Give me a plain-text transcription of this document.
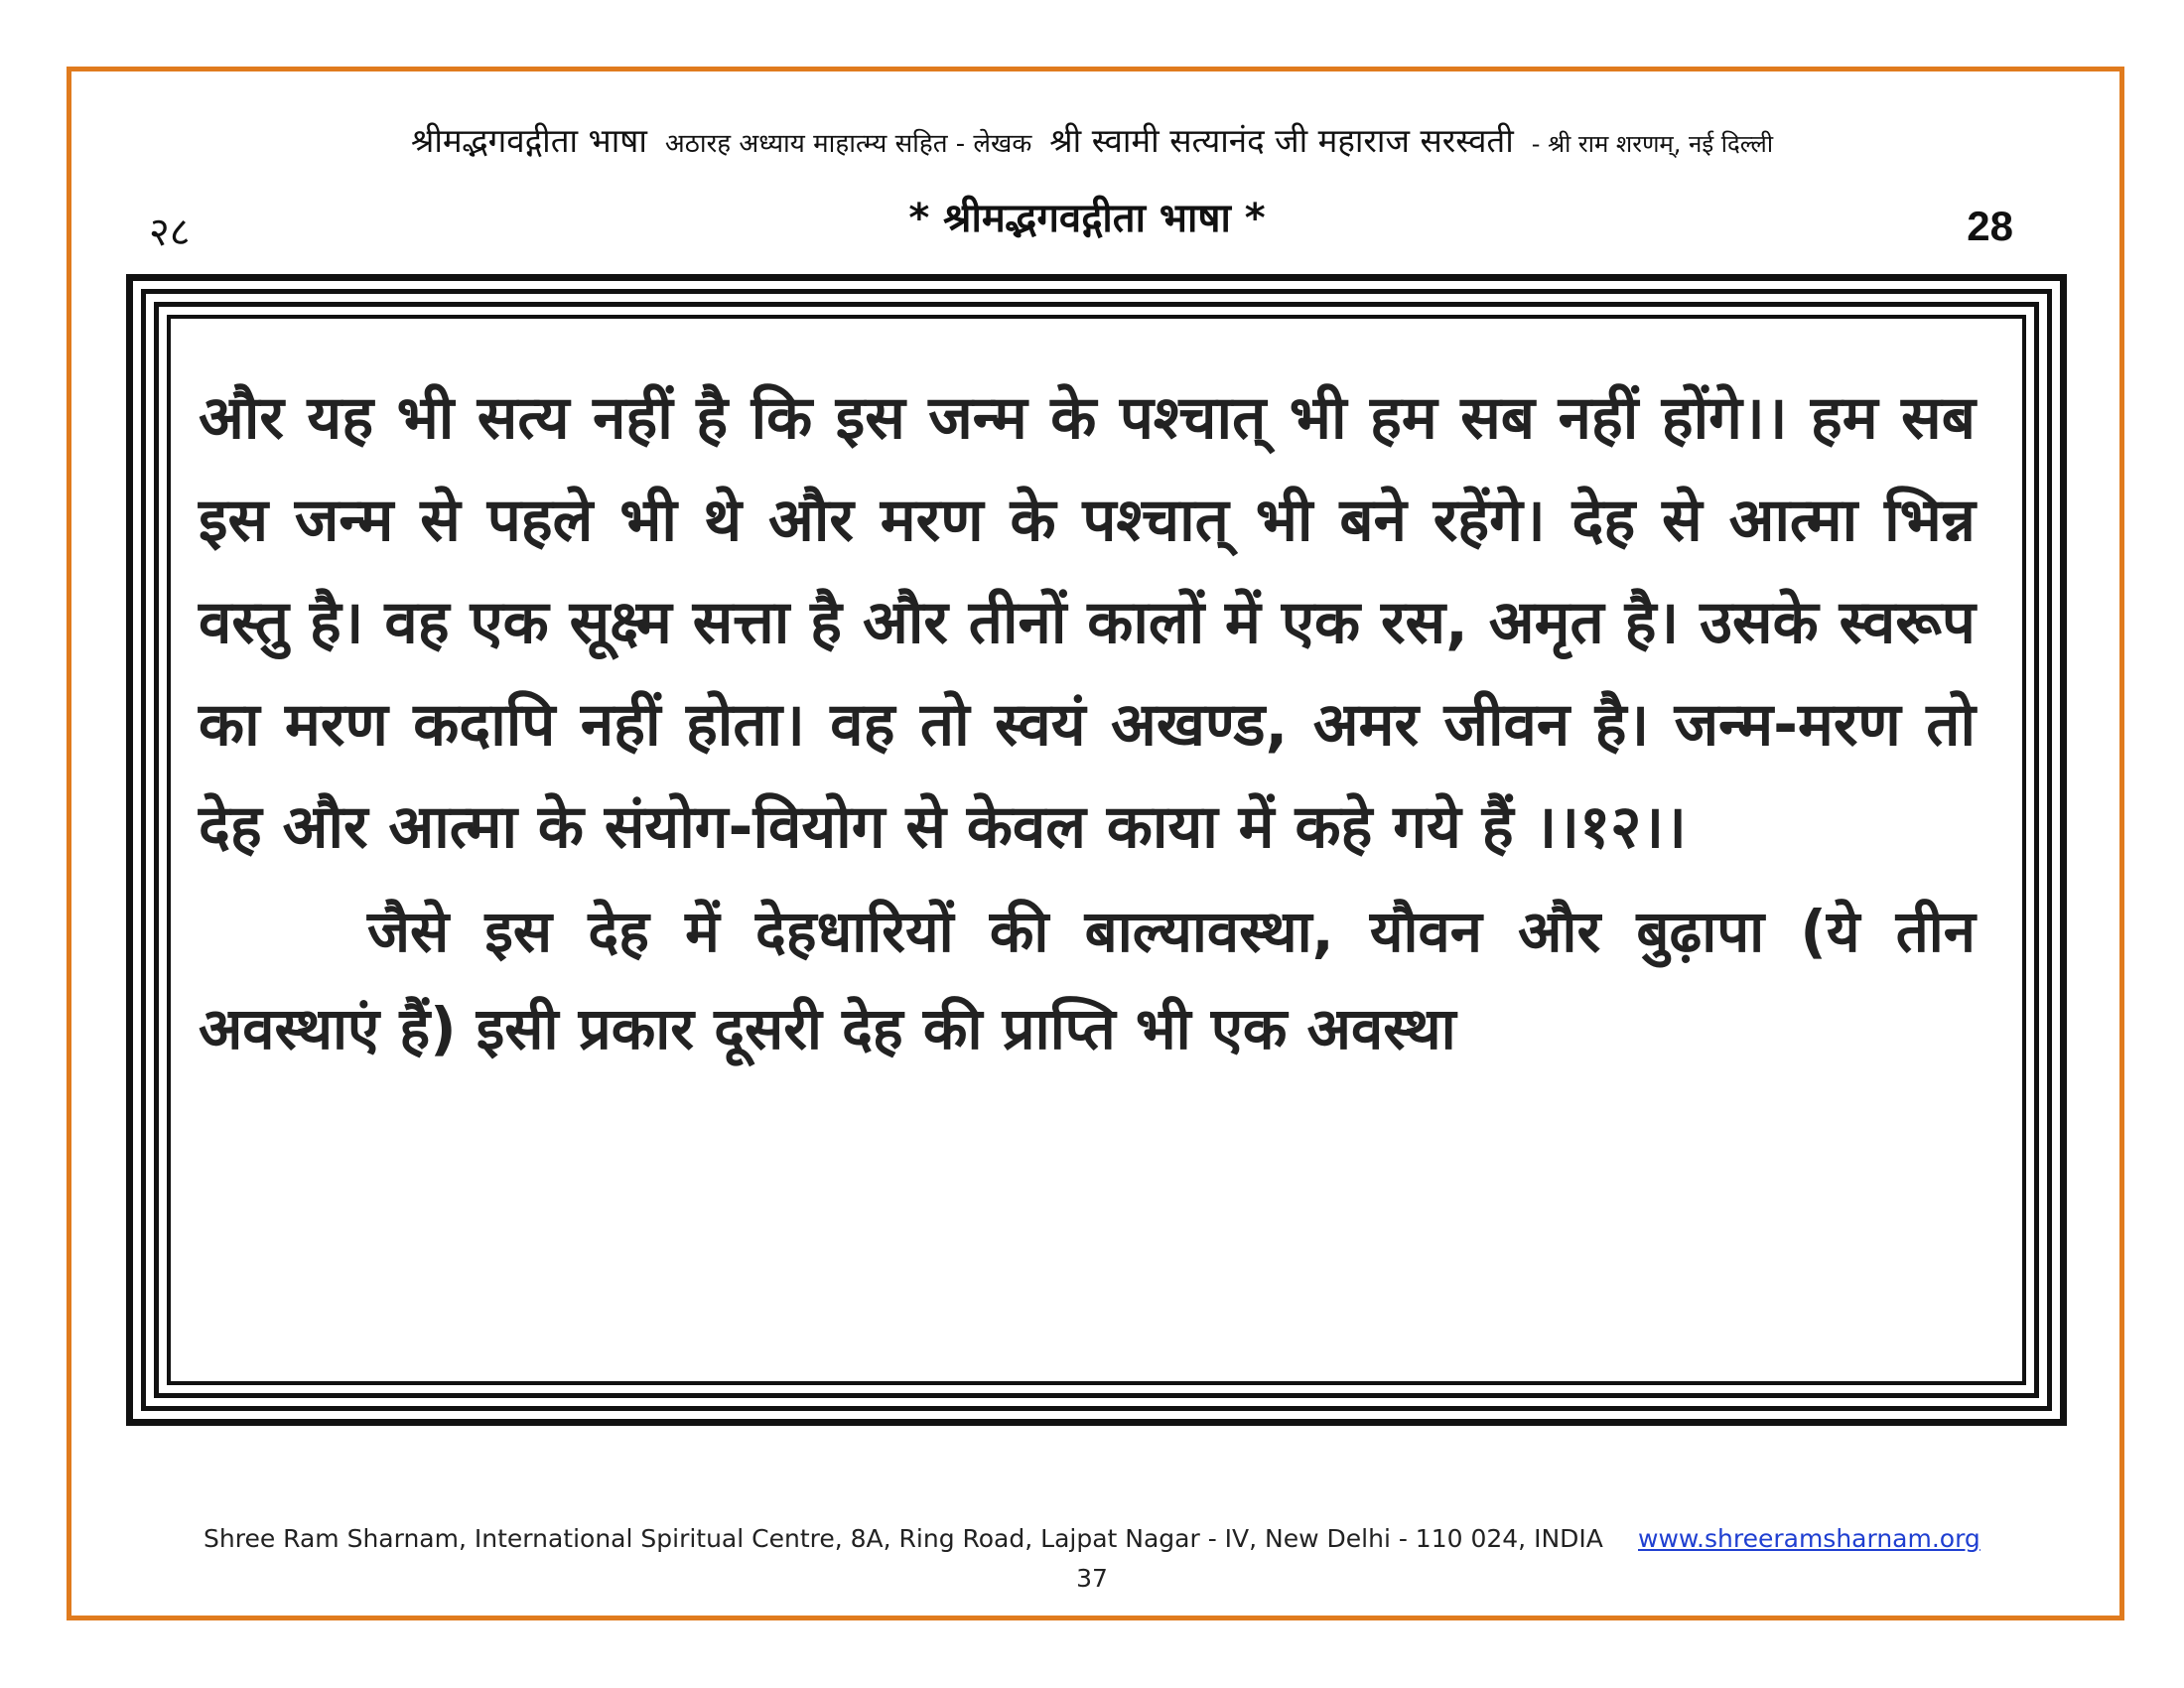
श्रीमद्भगवद्गीता भाषा अठारह अध्याय माहात्म्य सहित - लेखक श्री स्वामी सत्यानंद जी महाराज सरस्वती - श्री राम शरणम्, नई दिल्ली
२८	* श्रीमद्भगवद्गीता भाषा *	28
और यह भी सत्य नहीं है कि इस जन्म के पश्चात् भी हम सब नहीं होंगे।। हम सब इस जन्म से पहले भी थे और मरण के पश्चात् भी बने रहेंगे। देह से आत्मा भिन्न वस्तु है। वह एक सूक्ष्म सत्ता है और तीनों कालों में एक रस, अमृत है। उसके स्वरूप का मरण कदापि नहीं होता। वह तो स्वयं अखण्ड, अमर जीवन है। जन्म-मरण तो देह और आत्मा के संयोग-वियोग से केवल काया में कहे गये हैं ।।१२।।
जैसे इस देह में देहधारियों की बाल्यावस्था, यौवन और बुढ़ापा (ये तीन अवस्थाएं हैं) इसी प्रकार दूसरी देह की प्राप्ति भी एक अवस्था
Shree Ram Sharnam, International Spiritual Centre, 8A, Ring Road, Lajpat Nagar - IV, New Delhi - 110 024, INDIA www.shreeramsharnam.org
37
